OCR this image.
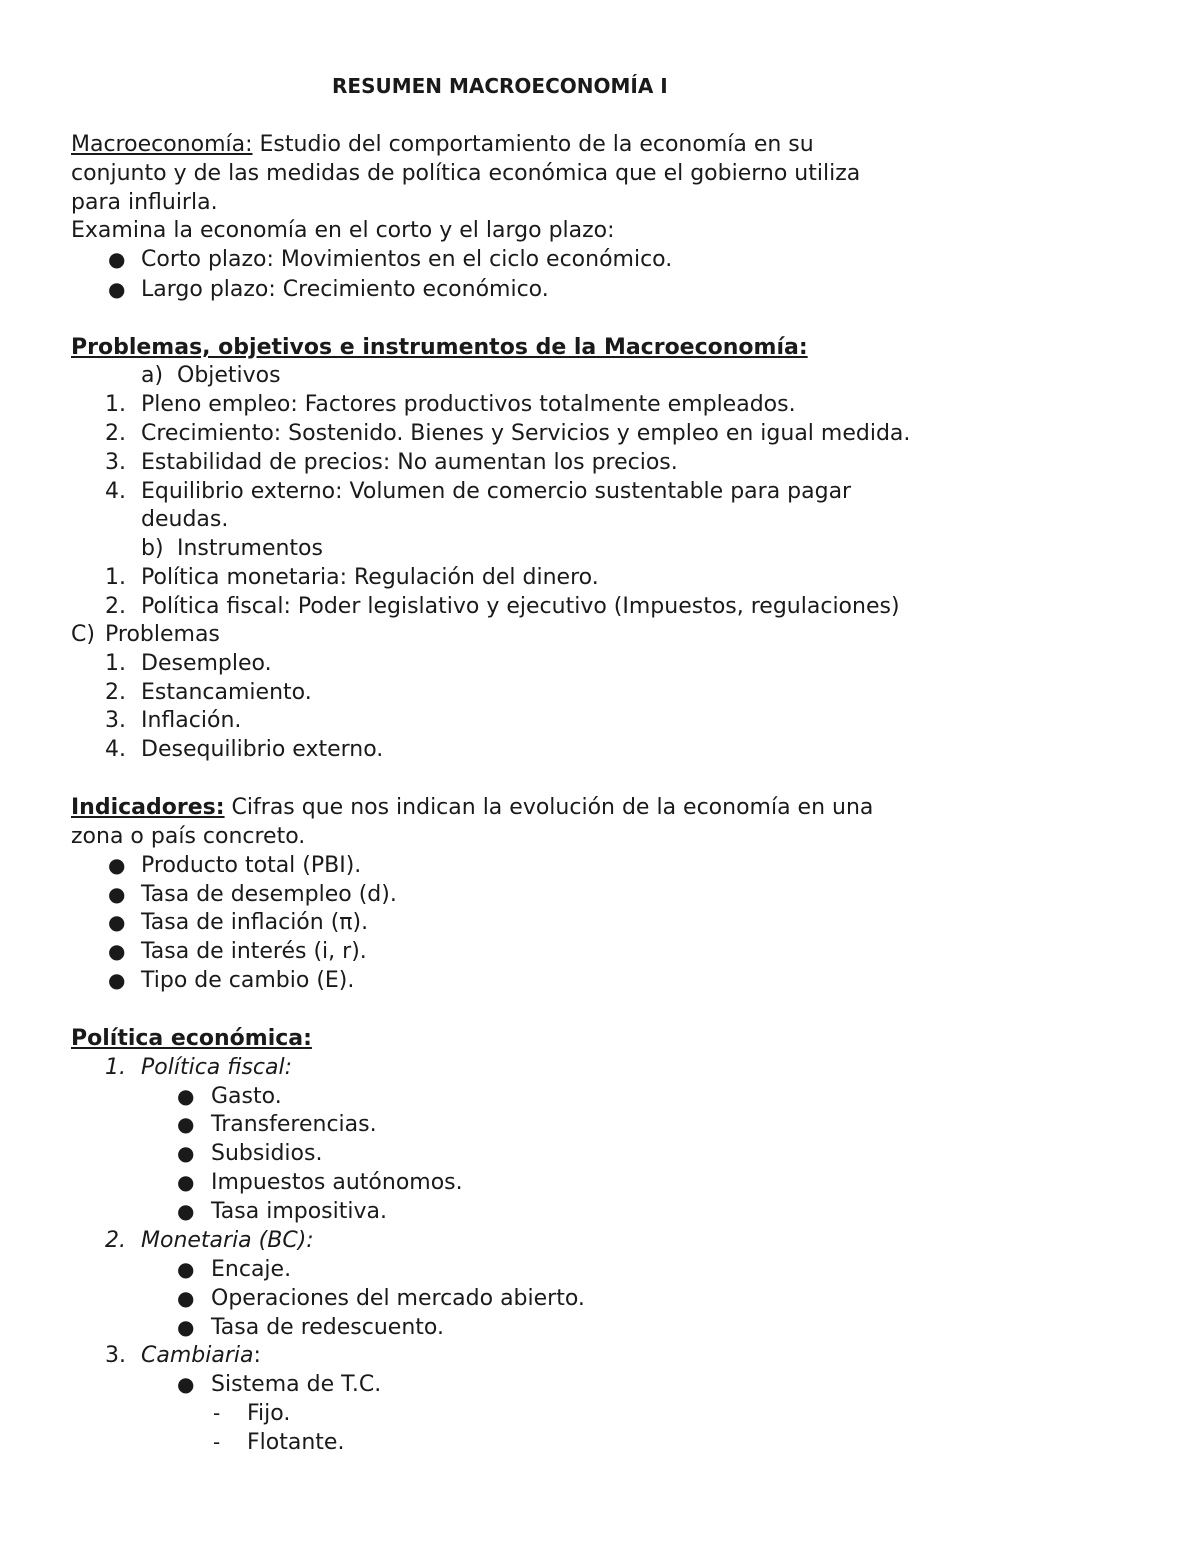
RESUMEN MACROECONOMÍA I
Macroeconomía: Estudio del comportamiento de la economía en su
conjunto y de las medidas de política económica que el gobierno utiliza
para influirla.
Examina la economía en el corto y el largo plazo:
● Corto plazo: Movimientos en el ciclo económico.
● Largo plazo: Crecimiento económico.
Problemas, objetivos e instrumentos de la Macroeconomía:
a) Objetivos
1. Pleno empleo: Factores productivos totalmente empleados.
2. Crecimiento: Sostenido. Bienes y Servicios y empleo en igual medida.
3. Estabilidad de precios: No aumentan los precios.
4. Equilibrio externo: Volumen de comercio sustentable para pagar
deudas.
b) Instrumentos
1. Política monetaria: Regulación del dinero.
2. Política fiscal: Poder legislativo y ejecutivo (Impuestos, regulaciones)
C) Problemas
1. Desempleo.
2. Estancamiento.
3. Inflación.
4. Desequilibrio externo.
Indicadores: Cifras que nos indican la evolución de la economía en una
zona o país concreto.
● Producto total (PBI).
● Tasa de desempleo (d).
● Tasa de inflación (π).
● Tasa de interés (i, r).
● Tipo de cambio (E).
Política económica:
1. Política fiscal:
● Gasto.
● Transferencias.
● Subsidios.
● Impuestos autónomos.
● Tasa impositiva.
2. Monetaria (BC):
● Encaje.
● Operaciones del mercado abierto.
● Tasa de redescuento.
3. Cambiaria:
● Sistema de T.C.
- Fijo.
- Flotante.
